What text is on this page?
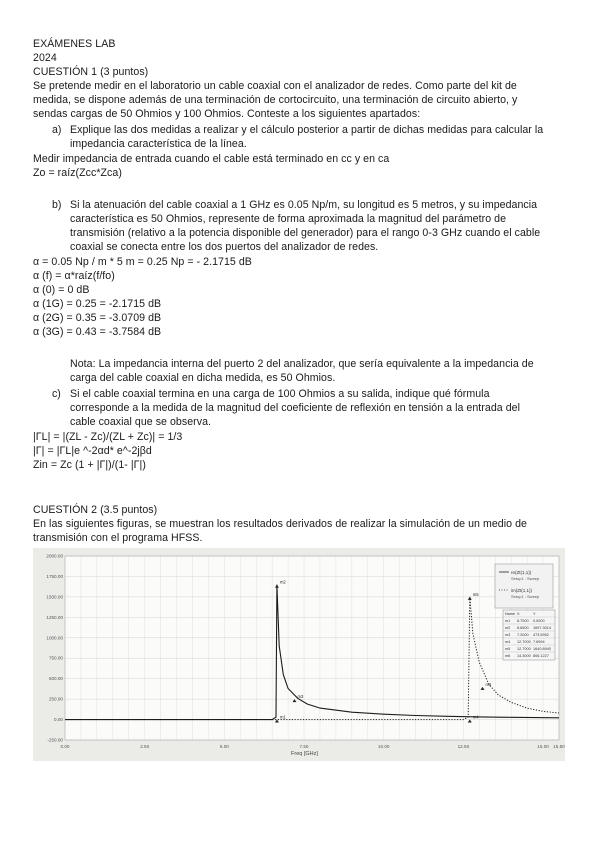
EXÁMENES LAB
2024
CUESTIÓN 1 (3 puntos)
Se pretende medir en el laboratorio un cable coaxial con el analizador de redes. Como parte del kit de
medida, se dispone además de una terminación de cortocircuito, una terminación de circuito abierto, y
sendas cargas de 50 Ohmios y 100 Ohmios. Conteste a los siguientes apartados:
a) Explique las dos medidas a realizar y el cálculo posterior a partir de dichas medidas para calcular la
impedancia característica de la línea.
Medir impedancia de entrada cuando el cable está terminado en cc y en ca
Zo = raíz(Zcc*Zca)
b) Si la atenuación del cable coaxial a 1 GHz es 0.05 Np/m, su longitud es 5 metros, y su impedancia
característica es 50 Ohmios, represente de forma aproximada la magnitud del parámetro de
transmisión (relativo a la potencia disponible del generador) para el rango 0-3 GHz cuando el cable
coaxial se conecta entre los dos puertos del analizador de redes.
α = 0.05 Np / m * 5 m = 0.25 Np = - 2.1715 dB
α (f) = α*raíz(f/fo)
α (0) = 0 dB
α (1G) = 0.25 = -2.1715 dB
α (2G) = 0.35 = -3.0709 dB
α (3G) = 0.43 = -3.7584 dB
Nota: La impedancia interna del puerto 2 del analizador, que sería equivalente a la impedancia de
carga del cable coaxial en dicha medida, es 50 Ohmios.
c) Si el cable coaxial termina en una carga de 100 Ohmios a su salida, indique qué fórmula
corresponde a la medida de la magnitud del coeficiente de reflexión en tensión a la entrada del
cable coaxial que se observa.
|ΓL| = |(ZL - Zc)/(ZL + Zc)| = 1/3
|Γ| = |ΓL|e ^-2αd* e^-2jβd
Zin = Zc (1 + |Γ|)/(1- |Γ|)
CUESTIÓN 2 (3.5 puntos)
En las siguientes figuras, se muestran los resultados derivados de realizar la simulación de un medio de
transmisión con el programa HFSS.
2000.00
1750.00
1500.00
1250.00
1000.00
750.00
500.00
250.00
0.00
-250.00
0.00	2.50	5.00	7.50	10.00	12.50	15.00 15.50
m1
m2
m3
m4
m5
m6
Freq [GHz]
re(Zt(1,1))
Setup1 : Sweep
im(Zt(1,1))
Setup1 : Sweep
Name X	Y
m1 6.7000 0.0000
m2 6.6500 1697.3014
m3 7.2000 473.5952
m4 12.7000 7.6994
m5 12.7000 1640.8940
m6 14.3000 806.1227
